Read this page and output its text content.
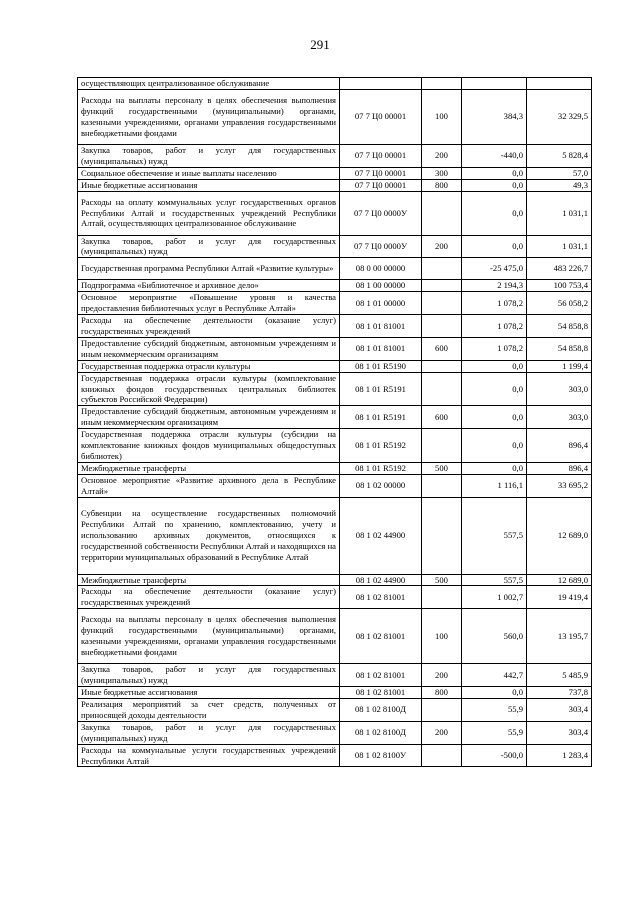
291
осуществляющих централизованное обслуживание				
Расходы на выплаты персоналу в целях обеспечения выполнения функций государственными (муниципальными) органами, казенными учреждениями, органами управления государственными внебюджетными фондами	07 7 Ц0 00001	100	384,3	32 329,5
Закупка товаров, работ и услуг для государственных (муниципальных) нужд	07 7 Ц0 00001	200	-440,0	5 828,4
Социальное обеспечение и иные выплаты населению	07 7 Ц0 00001	300	0,0	57,0
Иные бюджетные ассигнования	07 7 Ц0 00001	800	0,0	49,3
Расходы на оплату коммунальных услуг государственных органов Республики Алтай и государственных учреждений Республики Алтай, осуществляющих централизованное обслуживание	07 7 Ц0 0000У		0,0	1 031,1
Закупка товаров, работ и услуг для государственных (муниципальных) нужд	07 7 Ц0 0000У	200	0,0	1 031,1
Государственная программа Республики Алтай «Развитие культуры»	08 0 00 00000		-25 475,0	483 226,7
Подпрограмма «Библиотечное и архивное дело»	08 1 00 00000		2 194,3	100 753,4
Основное мероприятие «Повышение уровня и качества предоставления библиотечных услуг в Республике Алтай»	08 1 01 00000		1 078,2	56 058,2
Расходы на обеспечение деятельности (оказание услуг) государственных учреждений	08 1 01 81001		1 078,2	54 858,8
Предоставление субсидий бюджетным, автономным учреждениям и иным некоммерческим организациям	08 1 01 81001	600	1 078,2	54 858,8
Государственная поддержка отрасли культуры	08 1 01 R5190		0,0	1 199,4
Государственная поддержка отрасли культуры (комплектование книжных фондов государственных центральных библиотек субъектов Российской Федерации)	08 1 01 R5191		0,0	303,0
Предоставление субсидий бюджетным, автономным учреждениям и иным некоммерческим организациям	08 1 01 R5191	600	0,0	303,0
Государственная поддержка отрасли культуры (субсидии на комплектование книжных фондов муниципальных общедоступных библиотек)	08 1 01 R5192		0,0	896,4
Межбюджетные трансферты	08 1 01 R5192	500	0,0	896,4
Основное мероприятие «Развитие архивного дела в Республике Алтай»	08 1 02 00000		1 116,1	33 695,2
Субвенции на осуществление государственных полномочий Республики Алтай по хранению, комплектованию, учету и использованию архивных документов, относящихся к государственной собственности Республики Алтай и находящихся на территории муниципальных образований в Республике Алтай	08 1 02 44900		557,5	12 689,0
Межбюджетные трансферты	08 1 02 44900	500	557,5	12 689,0
Расходы на обеспечение деятельности (оказание услуг) государственных учреждений	08 1 02 81001		1 002,7	19 419,4
Расходы на выплаты персоналу в целях обеспечения выполнения функций государственными (муниципальными) органами, казенными учреждениями, органами управления государственными внебюджетными фондами	08 1 02 81001	100	560,0	13 195,7
Закупка товаров, работ и услуг для государственных (муниципальных) нужд	08 1 02 81001	200	442,7	5 485,9
Иные бюджетные ассигнования	08 1 02 81001	800	0,0	737,8
Реализация мероприятий за счет средств, полученных от приносящей доходы деятельности	08 1 02 8100Д		55,9	303,4
Закупка товаров, работ и услуг для государственных (муниципальных) нужд	08 1 02 8100Д	200	55,9	303,4
Расходы на коммунальные услуги государственных учреждений Республики Алтай	08 1 02 8100У		-500,0	1 283,4
